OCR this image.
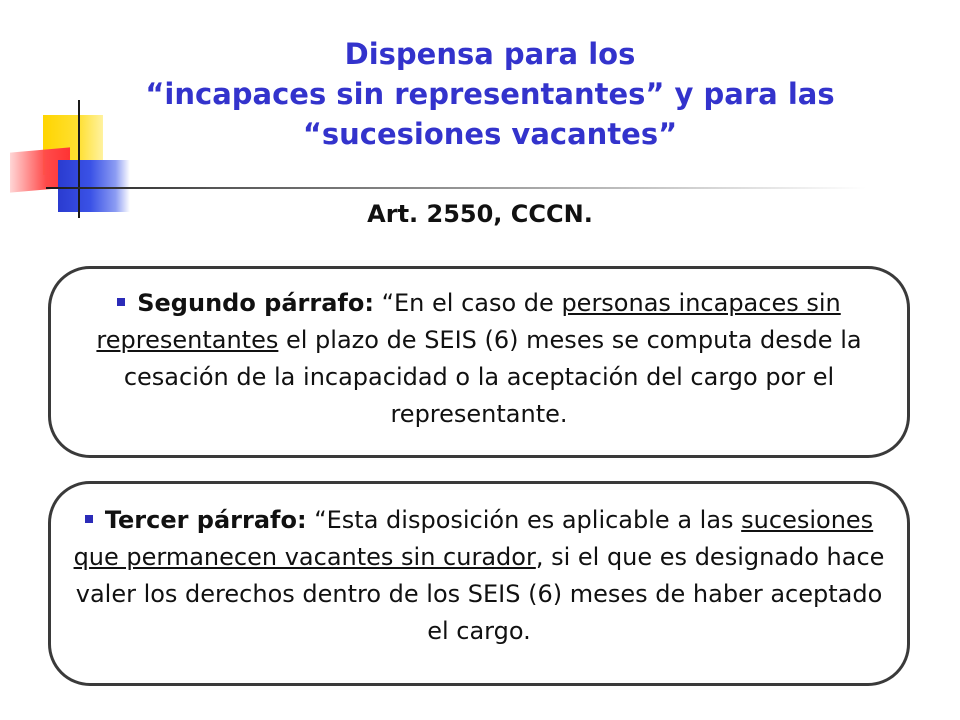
Dispensa para los
“incapaces sin representantes” y para las
“sucesiones vacantes”
Art. 2550, CCCN.
Segundo párrafo: “En el caso de personas incapaces sin representantes el plazo de SEIS (6) meses se computa desde la cesación de la incapacidad o la aceptación del cargo por el representante.
Tercer párrafo: “Esta disposición es aplicable a las sucesiones que permanecen vacantes sin curador, si el que es designado hace valer los derechos dentro de los SEIS (6) meses de haber aceptado el cargo.
